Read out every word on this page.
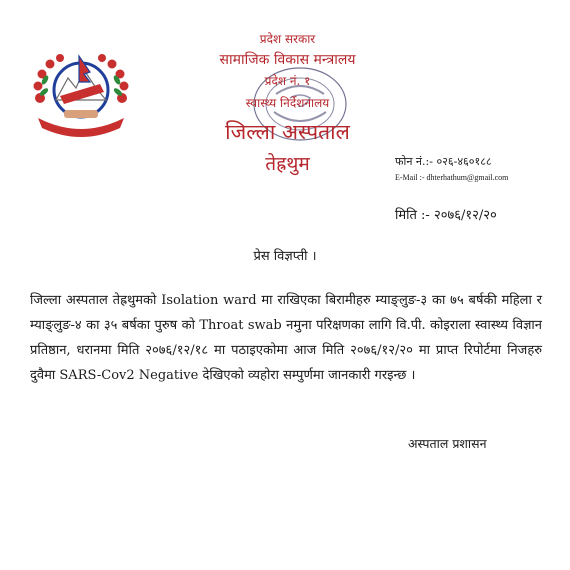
प्रदेश सरकार
सामाजिक विकास मन्त्रालय
प्रदेश नं. १
स्वास्थ्य निर्देशनालय
जिल्ला अस्पताल
तेह्रथुम	फोन नं.:- ०२६-४६०१८८
E-Mail :- dhterhathum@gmail.com
मिति :- २०७६/१२/२०
प्रेस विज्ञप्ती ।

जिल्ला अस्पताल तेह्रथुमको Isolation ward मा राखिएका बिरामीहरु म्याङ्लुङ-३ का ७५ बर्षकी महिला र म्याङ्लुङ-४ का ३५ बर्षका पुरुष को Throat swab नमुना परिक्षणका लागि वि.पी. कोइराला स्वास्थ्य विज्ञान प्रतिष्ठान, धरानमा मिति २०७६/१२/१८ मा पठाइएकोमा आज मिति २०७६/१२/२० मा प्राप्त रिपोर्टमा निजहरु दुवैमा SARS-Cov2 Negative देखिएको व्यहोरा सम्पुर्णमा जानकारी गरइन्छ ।

अस्पताल प्रशासन
